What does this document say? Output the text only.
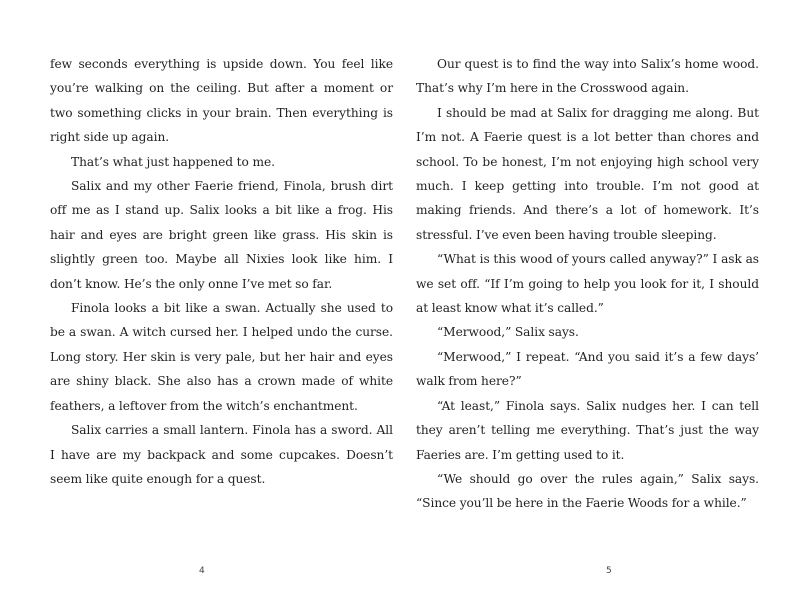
few seconds everything is upside down. You feel like you’re walking on the ceiling. But after a moment or two something clicks in your brain. Then everything is right side up again.

That’s what just happened to me.

Salix and my other Faerie friend, Finola, brush dirt off me as I stand up. Salix looks a bit like a frog. His hair and eyes are bright green like grass. His skin is slightly green too. Maybe all Nixies look like him. I don’t know. He’s the only onne I’ve met so far.

Finola looks a bit like a swan. Actually she used to be a swan. A witch cursed her. I helped undo the curse. Long story. Her skin is very pale, but her hair and eyes are shiny black. She also has a crown made of white feathers, a leftover from the witch’s enchantment.

Salix carries a small lantern. Finola has a sword. All I have are my backpack and some cupcakes. Doesn’t seem like quite enough for a quest.

Our quest is to find the way into Salix’s home wood. That’s why I’m here in the Crosswood again.

I should be mad at Salix for dragging me along. But I’m not. A Faerie quest is a lot better than chores and school. To be honest, I’m not enjoying high school very much. I keep getting into trouble. I’m not good at making friends. And there’s a lot of homework. It’s stressful. I’ve even been having trouble sleeping.

“What is this wood of yours called anyway?” I ask as we set off. “If I’m going to help you look for it, I should at least know what it’s called.”

“Merwood,” Salix says.

“Merwood,” I repeat. “And you said it’s a few days’ walk from here?”

“At least,” Finola says. Salix nudges her. I can tell they aren’t telling me everything. That’s just the way Faeries are. I’m getting used to it.

“We should go over the rules again,” Salix says. “Since you’ll be here in the Faerie Woods for a while.”

4	5
